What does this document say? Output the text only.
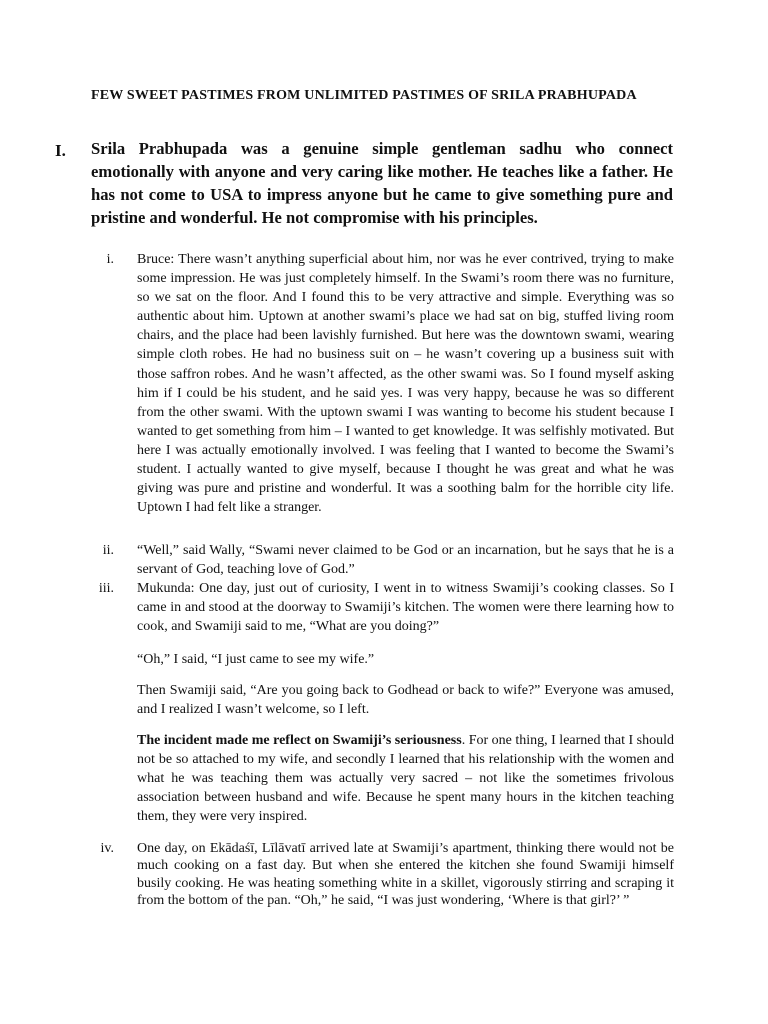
FEW SWEET PASTIMES FROM UNLIMITED PASTIMES OF SRILA PRABHUPADA
I. Srila Prabhupada was a genuine simple gentleman sadhu who connect emotionally with anyone and very caring like mother. He teaches like a father. He has not come to USA to impress anyone but he came to give something pure and pristine and wonderful. He not compromise with his principles.
i. Bruce: There wasn’t anything superficial about him, nor was he ever contrived, trying to make some impression. He was just completely himself. In the Swami’s room there was no furniture, so we sat on the floor. And I found this to be very attractive and simple. Everything was so authentic about him. Uptown at another swami’s place we had sat on big, stuffed living room chairs, and the place had been lavishly furnished. But here was the downtown swami, wearing simple cloth robes. He had no business suit on – he wasn’t covering up a business suit with those saffron robes. And he wasn’t affected, as the other swami was. So I found myself asking him if I could be his student, and he said yes. I was very happy, because he was so different from the other swami. With the uptown swami I was wanting to become his student because I wanted to get something from him – I wanted to get knowledge. It was selfishly motivated. But here I was actually emotionally involved. I was feeling that I wanted to become the Swami’s student. I actually wanted to give myself, because I thought he was great and what he was giving was pure and pristine and wonderful. It was a soothing balm for the horrible city life. Uptown I had felt like a stranger.
ii. “Well,” said Wally, “Swami never claimed to be God or an incarnation, but he says that he is a servant of God, teaching love of God.”
iii. Mukunda: One day, just out of curiosity, I went in to witness Swamiji’s cooking classes. So I came in and stood at the doorway to Swamiji’s kitchen. The women were there learning how to cook, and Swamiji said to me, “What are you doing?”
“Oh,” I said, “I just came to see my wife.”
Then Swamiji said, “Are you going back to Godhead or back to wife?” Everyone was amused, and I realized I wasn’t welcome, so I left.
The incident made me reflect on Swamiji’s seriousness. For one thing, I learned that I should not be so attached to my wife, and secondly I learned that his relationship with the women and what he was teaching them was actually very sacred – not like the sometimes frivolous association between husband and wife. Because he spent many hours in the kitchen teaching them, they were very inspired.
iv. One day, on Ekādaśī, Līlāvatī arrived late at Swamiji’s apartment, thinking there would not be much cooking on a fast day. But when she entered the kitchen she found Swamiji himself busily cooking. He was heating something white in a skillet, vigorously stirring and scraping it from the bottom of the pan. “Oh,” he said, “I was just wondering, ‘Where is that girl?’ ”
